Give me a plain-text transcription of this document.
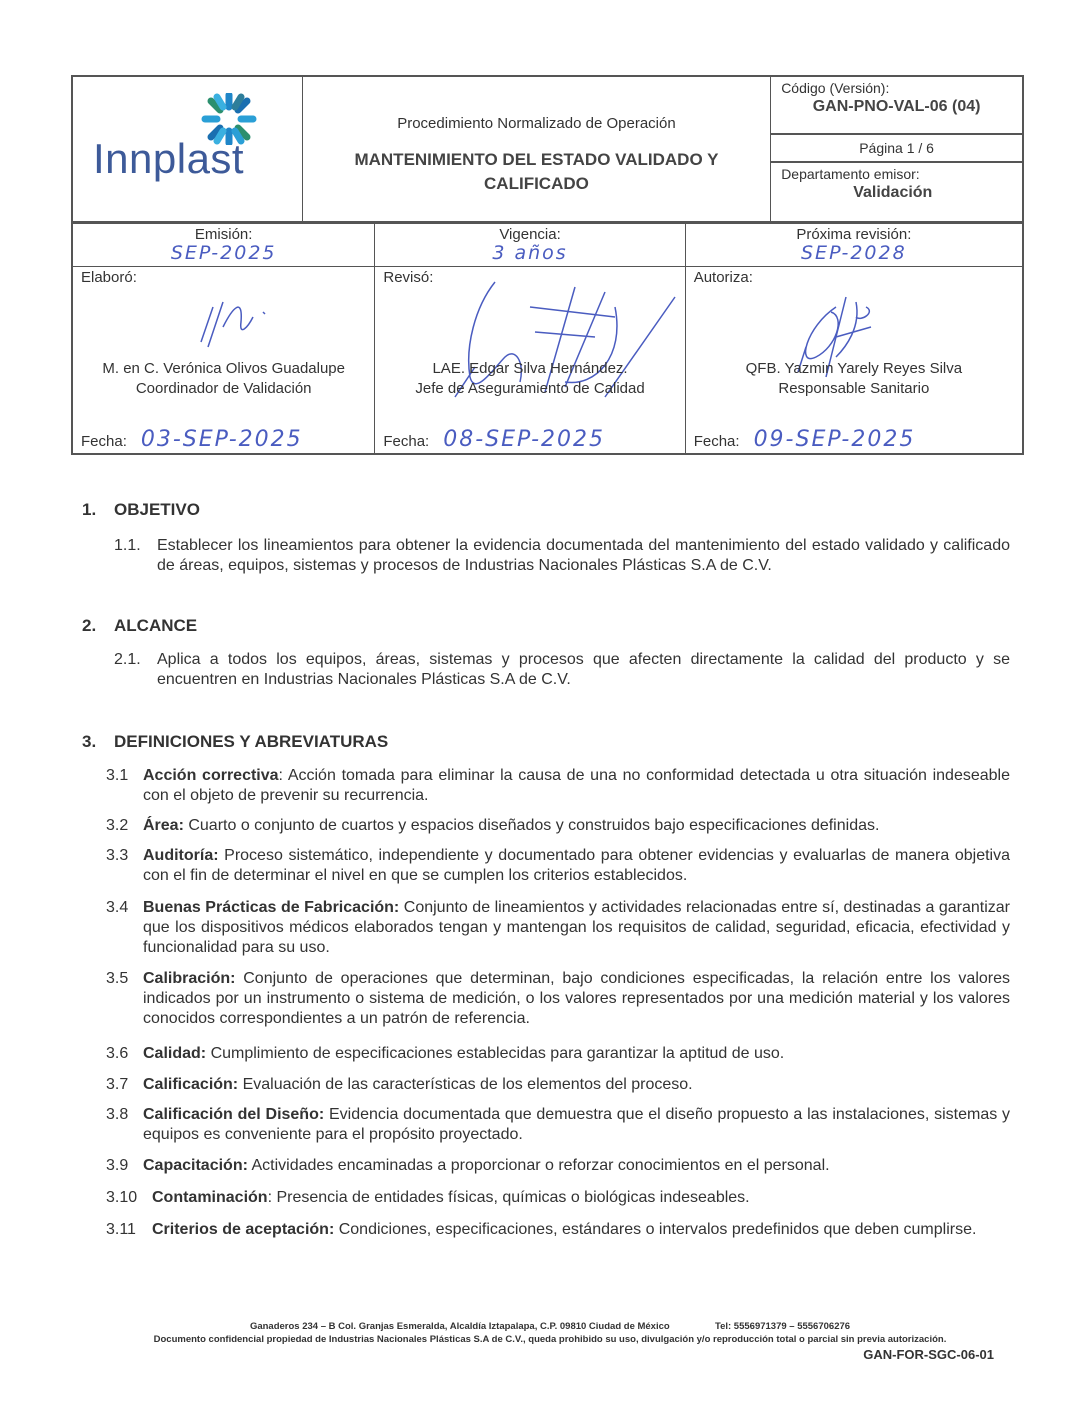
Innplast

Procedimiento Normalizado de Operación
MANTENIMIENTO DEL ESTADO VALIDADO Y
CALIFICADO

Código (Versión):
GAN-PNO-VAL-06 (04)
Página 1 / 6
Departamento emisor:
Validación
Emisión:
SEP-2025

Vigencia:
3 años

Próxima revisión:
SEP-2028

Elaboró:
M. en C. Verónica Olivos Guadalupe
Coordinador de Validación
Fecha: 03-SEP-2025

Revisó:
LAE. Edgar Silva Hernández.
Jefe de Aseguramiento de Calidad
Fecha: 08-SEP-2025

Autoriza:
QFB. Yazmin Yarely Reyes Silva
Responsable Sanitario
Fecha: 09-SEP-2025
1. OBJETIVO
1.1. Establecer los lineamientos para obtener la evidencia documentada del mantenimiento del estado validado y calificado de áreas, equipos, sistemas y procesos de Industrias Nacionales Plásticas S.A de C.V.
2. ALCANCE
2.1. Aplica a todos los equipos, áreas, sistemas y procesos que afecten directamente la calidad del producto y se encuentren en Industrias Nacionales Plásticas S.A de C.V.
3. DEFINICIONES Y ABREVIATURAS
3.1 Acción correctiva: Acción tomada para eliminar la causa de una no conformidad detectada u otra situación indeseable con el objeto de prevenir su recurrencia.
3.2 Área: Cuarto o conjunto de cuartos y espacios diseñados y construidos bajo especificaciones definidas.
3.3 Auditoría: Proceso sistemático, independiente y documentado para obtener evidencias y evaluarlas de manera objetiva con el fin de determinar el nivel en que se cumplen los criterios establecidos.
3.4 Buenas Prácticas de Fabricación: Conjunto de lineamientos y actividades relacionadas entre sí, destinadas a garantizar que los dispositivos médicos elaborados tengan y mantengan los requisitos de calidad, seguridad, eficacia, efectividad y funcionalidad para su uso.
3.5 Calibración: Conjunto de operaciones que determinan, bajo condiciones especificadas, la relación entre los valores indicados por un instrumento o sistema de medición, o los valores representados por una medición material y los valores conocidos correspondientes a un patrón de referencia.
3.6 Calidad: Cumplimiento de especificaciones establecidas para garantizar la aptitud de uso.
3.7 Calificación: Evaluación de las características de los elementos del proceso.
3.8 Calificación del Diseño: Evidencia documentada que demuestra que el diseño propuesto a las instalaciones, sistemas y equipos es conveniente para el propósito proyectado.
3.9 Capacitación: Actividades encaminadas a proporcionar o reforzar conocimientos en el personal.
3.10 Contaminación: Presencia de entidades físicas, químicas o biológicas indeseables.
3.11 Criterios de aceptación: Condiciones, especificaciones, estándares o intervalos predefinidos que deben cumplirse.
Ganaderos 234 – B Col. Granjas Esmeralda, Alcaldía Iztapalapa, C.P. 09810 Ciudad de México	Tel: 5556971379 – 5556706276
Documento confidencial propiedad de Industrias Nacionales Plásticas S.A de C.V., queda prohibido su uso, divulgación y/o reproducción total o parcial sin previa autorización.
GAN-FOR-SGC-06-01
